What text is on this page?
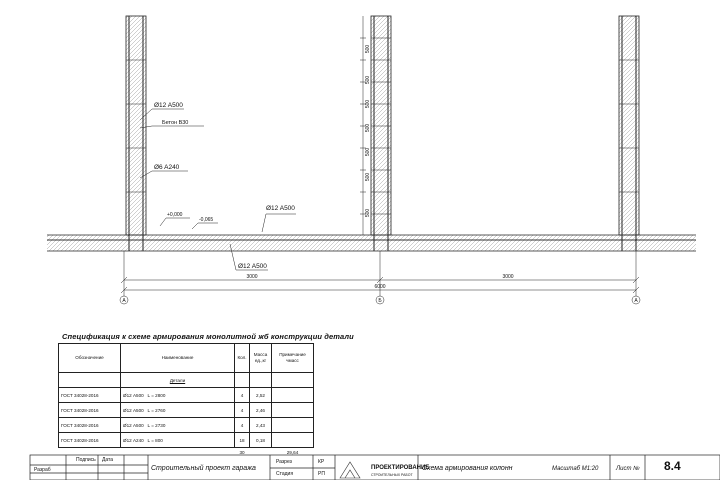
500
500
500
500
500
500
500
Ø12 A500
Бетон В30
Ø6 A240
+0,000
-0,065
Ø12 A500
Ø12 A500
3000	3000
6000
А	Б	А
Спецификация к схеме армирования монолитной жб конструкции детали
Обозначение	Наименование	Кол.	Масса ед.,кг	Примечание чмасс
	Детали			
ГОСТ 34028-2016	Ø12 А500 L = 2800	4	2,52	
ГОСТ 34028-2016	Ø12 А500 L = 2760	4	2,46	
ГОСТ 34028-2016	Ø12 А500 L = 2730	4	2,43	
ГОСТ 34028-2016	Ø12 А240 L = 800	18	0,18	
		30		29,64
Подпись Дата
Разраб	Строительный проект гаража
Разрез	КР
Стадия	РП
ПРОЕКТИРОВАНИЕ
СТРОИТЕЛЬНЫХ РАБОТ
Схема армирования колонн	Масштаб М1:20	Лист № 8.4
